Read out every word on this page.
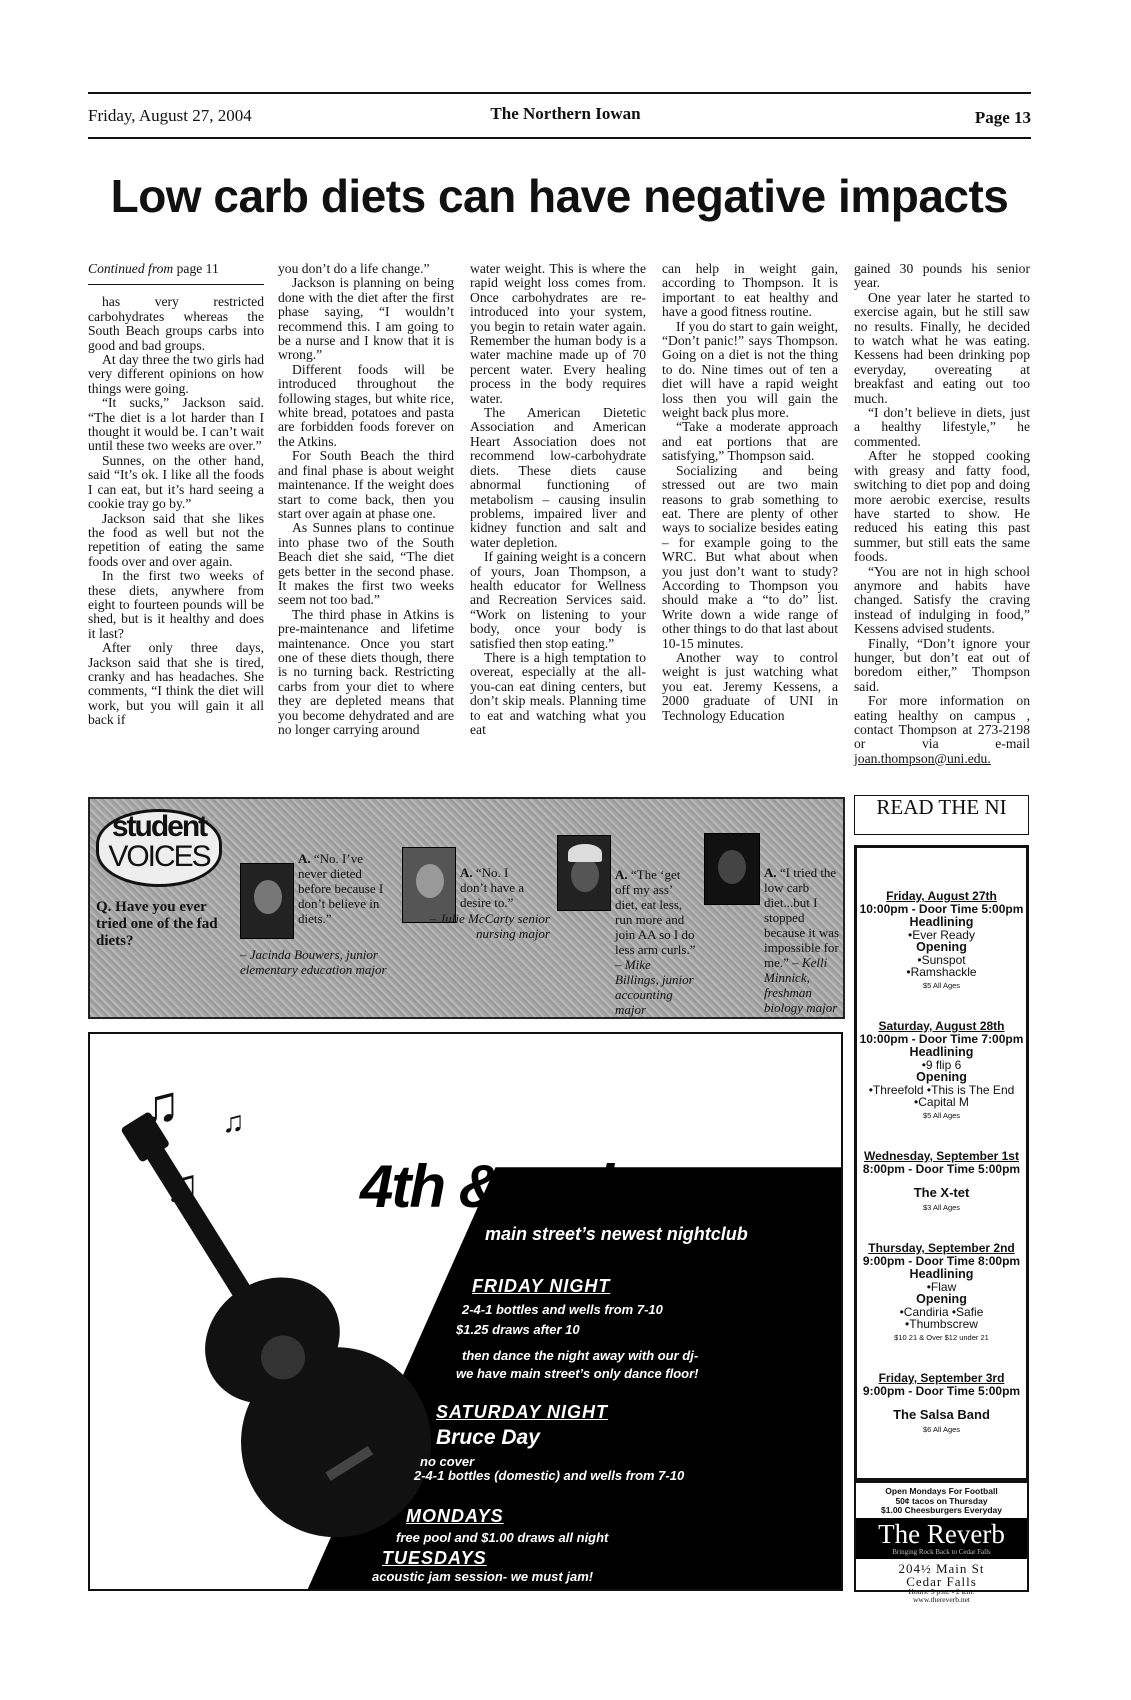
Friday, August 27, 2004	The Northern Iowan	Page 13
Low carb diets can have negative impacts
Continued from page 11

has very restricted carbohydrates whereas the South Beach groups carbs into good and bad groups.

At day three the two girls had very different opinions on how things were going.

“It sucks,” Jackson said. “The diet is a lot harder than I thought it would be. I can’t wait until these two weeks are over.”

Sunnes, on the other hand, said “It’s ok. I like all the foods I can eat, but it’s hard seeing a cookie tray go by.”

Jackson said that she likes the food as well but not the repetition of eating the same foods over and over again.

In the first two weeks of these diets, anywhere from eight to fourteen pounds will be shed, but is it healthy and does it last?

After only three days, Jackson said that she is tired, cranky and has headaches. She comments, “I think the diet will work, but you will gain it all back if

you don’t do a life change.”

Jackson is planning on being done with the diet after the first phase saying, “I wouldn’t recommend this. I am going to be a nurse and I know that it is wrong.”

Different foods will be introduced throughout the following stages, but white rice, white bread, potatoes and pasta are forbidden foods forever on the Atkins.

For South Beach the third and final phase is about weight maintenance. If the weight does start to come back, then you start over again at phase one.

As Sunnes plans to continue into phase two of the South Beach diet she said, “The diet gets better in the second phase. It makes the first two weeks seem not too bad.”

The third phase in Atkins is pre-maintenance and lifetime maintenance. Once you start one of these diets though, there is no turning back. Restricting carbs from your diet to where they are depleted means that you become dehydrated and are no longer carrying around

water weight. This is where the rapid weight loss comes from. Once carbohydrates are re-introduced into your system, you begin to retain water again. Remember the human body is a water machine made up of 70 percent water. Every healing process in the body requires water.

The American Dietetic Association and American Heart Association does not recommend low-carbohydrate diets. These diets cause abnormal functioning of metabolism – causing insulin problems, impaired liver and kidney function and salt and water depletion.

If gaining weight is a concern of yours, Joan Thompson, a health educator for Wellness and Recreation Services said. “Work on listening to your body, once your body is satisfied then stop eating.”

There is a high temptation to overeat, especially at the all-you-can eat dining centers, but don’t skip meals. Planning time to eat and watching what you eat

can help in weight gain, according to Thompson. It is important to eat healthy and have a good fitness routine.

If you do start to gain weight, “Don’t panic!” says Thompson. Going on a diet is not the thing to do. Nine times out of ten a diet will have a rapid weight loss then you will gain the weight back plus more.

“Take a moderate approach and eat portions that are satisfying,” Thompson said.

Socializing and being stressed out are two main reasons to grab something to eat. There are plenty of other ways to socialize besides eating – for example going to the WRC. But what about when you just don’t want to study? According to Thompson you should make a “to do” list. Write down a wide range of other things to do that last about 10-15 minutes.

Another way to control weight is just watching what you eat. Jeremy Kessens, a 2000 graduate of UNI in Technology Education

gained 30 pounds his senior year.

One year later he started to exercise again, but he still saw no results. Finally, he decided to watch what he was eating. Kessens had been drinking pop everyday, overeating at breakfast and eating out too much.

“I don’t believe in diets, just a healthy lifestyle,” he commented.

After he stopped cooking with greasy and fatty food, switching to diet pop and doing more aerobic exercise, results have started to show. He reduced his eating this past summer, but still eats the same foods.

“You are not in high school anymore and habits have changed. Satisfy the craving instead of indulging in food,” Kessens advised students.

Finally, “Don’t ignore your hunger, but don’t eat out of boredom either,” Thompson said.

For more information on eating healthy on campus , contact Thompson at 273-2198 or via e-mail joan.thompson@uni.edu.

student
VOICES
Q. Have you ever tried one of the fad diets?
A. “No. I’ve never dieted before because I don’t believe in diets.”
– Jacinda Bouwers, junior elementary education major
A. “No. I don’t have a desire to.”
– Julie McCarty senior nursing major
A. “The ‘get off my ass’ diet, eat less, run more and join AA so I do less arm curls.” – Mike Billings, junior accounting major
A. “I tried the low carb diet...but I stopped because it was impossible for me.” – Kelli Minnick, freshman biology major
♫
♫
♫
4th & main
main street’s newest nightclub
FRIDAY NIGHT
2-4-1 bottles and wells from 7-10
$1.25 draws after 10
then dance the night away with our dj-
we have main street’s only dance floor!
SATURDAY NIGHT
Bruce Day
no cover
2-4-1 bottles (domestic) and wells from 7-10
MONDAYS
free pool and $1.00 draws all night
TUESDAYS
acoustic jam session- we must jam!
READ THE NI
Friday, August 27th
10:00pm - Door Time 5:00pm
Headlining
•Ever Ready
Opening
•Sunspot
•Ramshackle
$5 All Ages
Saturday, August 28th
10:00pm - Door Time 7:00pm
Headlining
•9 flip 6
Opening
•Threefold •This is The End
•Capital M
$5 All Ages
Wednesday, September 1st
8:00pm - Door Time 5:00pm
The X-tet
$3 All Ages
Thursday, September 2nd
9:00pm - Door Time 8:00pm
Headlining
•Flaw
Opening
•Candiria •Safie
•Thumbscrew
$10 21 & Over $12 under 21
Friday, September 3rd
9:00pm - Door Time 5:00pm
The Salsa Band
$6 All Ages
Open Mondays For Football
50¢ tacos on Thursday
$1.00 Cheesburgers Everyday
The Reverb
Bringing Rock Back to Cedar Falls
204½ Main St
Cedar Falls
Hours: 5 p.m. - 2 a.m.
www.thereverb.net
